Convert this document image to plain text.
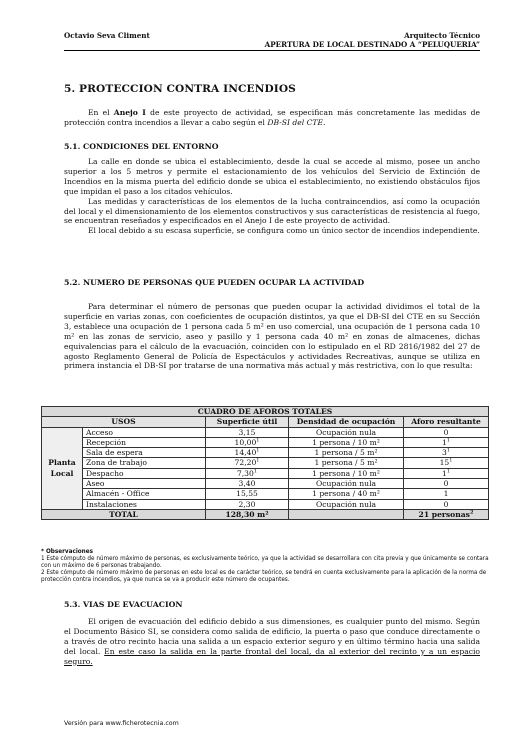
Octavio Seva Climent	Arquitecto Técnico
APERTURA DE LOCAL DESTINADO A “PELUQUERIA”
5. PROTECCION CONTRA INCENDIOS

En el Anejo I de este proyecto de actividad, se especifican más concretamente las medidas de protección contra incendios a llevar a cabo según el DB-SI del CTE.

5.1. CONDICIONES DEL ENTORNO

La calle en donde se ubica el establecimiento, desde la cual se accede al mismo, posee un ancho superior a los 5 metros y permite el estacionamiento de los vehículos del Servicio de Extinción de Incendios en la misma puerta del edificio donde se ubica el establecimiento, no existiendo obstáculos fijos que impidan el paso a los citados vehículos.

Las medidas y características de los elementos de la lucha contraincendios, así como la ocupación del local y el dimensionamiento de los elementos constructivos y sus características de resistencia al fuego, se encuentran reseñados y especificados en el Anejo I de este proyecto de actividad.

El local debido a su escasa superficie, se configura como un único sector de incendios independiente.

5.2. NUMERO DE PERSONAS QUE PUEDEN OCUPAR LA ACTIVIDAD

Para determinar el número de personas que pueden ocupar la actividad dividimos el total de la superficie en varias zonas, con coeficientes de ocupación distintos, ya que el DB-SI del CTE en su Sección 3, establece una ocupación de 1 persona cada 5 m² en uso comercial, una ocupación de 1 persona cada 10 m² en las zonas de servicio, aseo y pasillo y 1 persona cada 40 m² en zonas de almacenes, dichas equivalencias para el cálculo de la evacuación, coinciden con lo estipulado en el RD 2816/1982 del 27 de agosto Reglamento General de Policía de Espectáculos y actividades Recreativas, aunque se utiliza en primera instancia el DB-SI por tratarse de una normativa más actual y más restrictiva, con lo que resulta:

CUADRO DE AFOROS TOTALES				
USOS		Superficie útil	Densidad de ocupación	Aforo resultante

Planta
Local	Acceso	3,15	Ocupación nula	0
	Recepción	10,00$^1$	1 persona / 10 m²	$1^1$
	Sala de espera	14,40$^1$	1 persona / 5 m²	$3^1$
	Zona de trabajo	72,20$^1$	1 persona / 5 m²	$15^1$
	Despacho	7,30$^1$	1 persona / 10 m²	$1^1$
	Aseo	3,40	Ocupación nula	0
	Almacén - Office	15,55	1 persona / 40 m²	1
	Instalaciones	2,30	Ocupación nula	0
TOTAL		128,30 m²		21 personas$^2$
* Observaciones
1 Este cómputo de número máximo de personas, es exclusivamente teórico, ya que la actividad se desarrollara con cita previa y que únicamente se contara con un máximo de 6 personas trabajando.
2 Este cómputo de número máximo de personas en este local es de carácter teórico, se tendrá en cuenta exclusivamente para la aplicación de la norma de protección contra incendios, ya que nunca se va a producir este número de ocupantes.
5.3. VIAS DE EVACUACION

El origen de evacuación del edificio debido a sus dimensiones, es cualquier punto del mismo. Según el Documento Básico SI, se considera como salida de edificio, la puerta o paso que conduce directamente o a través de otro recinto hacia una salida a un espacio exterior seguro y en último término hacia una salida del local. En este caso la salida en la parte frontal del local, da al exterior del recinto y a un espacio seguro.

Versión para www.ficherotecnia.com
